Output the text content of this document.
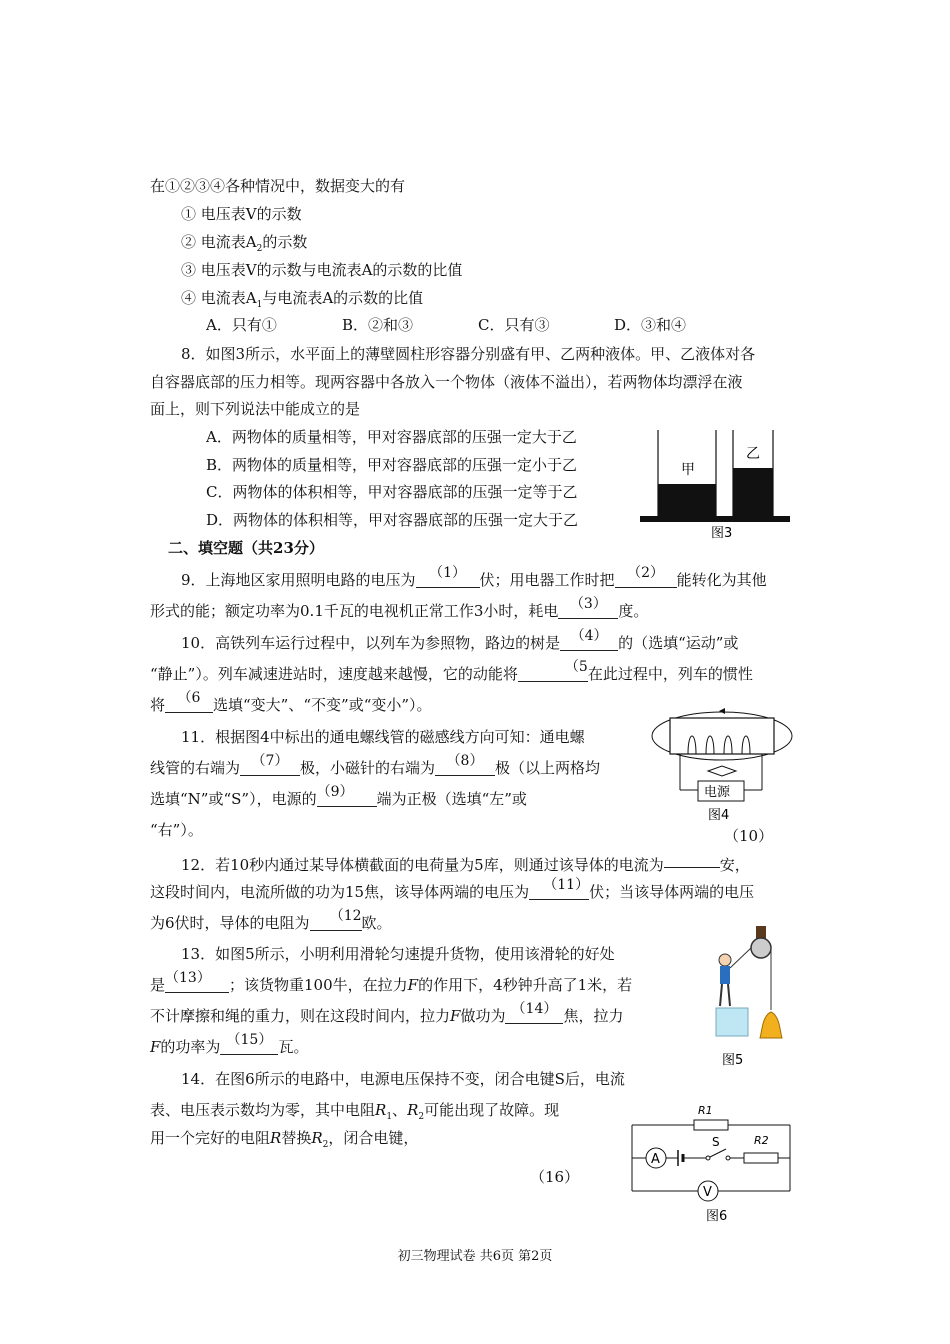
在①②③④各种情况中，数据变大的有
① 电压表V的示数
② 电流表$A_2$的示数
③ 电压表V的示数与电流表A的示数的比值
④ 电流表$A_1$与电流表A的示数的比值
A．只有①	B．②和③	C．只有③	D．③和④
8．如图3所示，水平面上的薄壁圆柱形容器分别盛有甲、乙两种液体。甲、乙液体对各
自容器底部的压力相等。现两容器中各放入一个物体（液体不溢出），若两物体均漂浮在液
面上，则下列说法中能成立的是
A．两物体的质量相等，甲对容器底部的压强一定大于乙
B．两物体的质量相等，甲对容器底部的压强一定小于乙
C．两物体的体积相等，甲对容器底部的压强一定等于乙
D．两物体的体积相等，甲对容器底部的压强一定大于乙
甲
乙
图3
二、填空题（共23分）
9．上海地区家用照明电路的电压为 （1） 伏；用电器工作时把 （2） 能转化为其他
形式的能；额定功率为0.1千瓦的电视机正常工作3小时，耗电 （3） 度。
10．高铁列车运行过程中，以列车为参照物，路边的树是 （4） 的（选填“运动”或
“静止”）。列车减速进站时，速度越来越慢，它的动能将	（5在此过程中，列车的惯性
将 （6 选填“变大”、“不变”或“变小”）。
11．根据图4中标出的通电螺线管的磁感线方向可知：通电螺
线管的右端为 （7） 极，小磁针的右端为 （8） 极（以上两格均
选填“N”或“S”），电源的（9） 端为正极（选填“左”或
“右”）。	（10）
电源
图4
12．若10秒内通过某导体横截面的电荷量为5库，则通过该导体的电流为	安，
这段时间内，电流所做的功为15焦，该导体两端的电压为 （11）伏；当该导体两端的电压
为6伏时，导体的电阻为 （12欧。
13．如图5所示，小明利用滑轮匀速提升货物，使用该滑轮的好处
是（13） ；该货物重100牛，在拉力F的作用下，4秒钟升高了1米，若
不计摩擦和绳的重力，则在这段时间内，拉力F做功为 （14） 焦，拉力
F的功率为 （15） 瓦。
图5
14．在图6所示的电路中，电源电压保持不变，闭合电键S后，电流
表、电压表示数均为零，其中电阻$R_1$、$R_2$可能出现了故障。现
用一个完好的电阻R替换$R_2$，闭合电键，
（16）
R1
A
S	R2
V
图6
初三物理试卷 共6页 第2页
